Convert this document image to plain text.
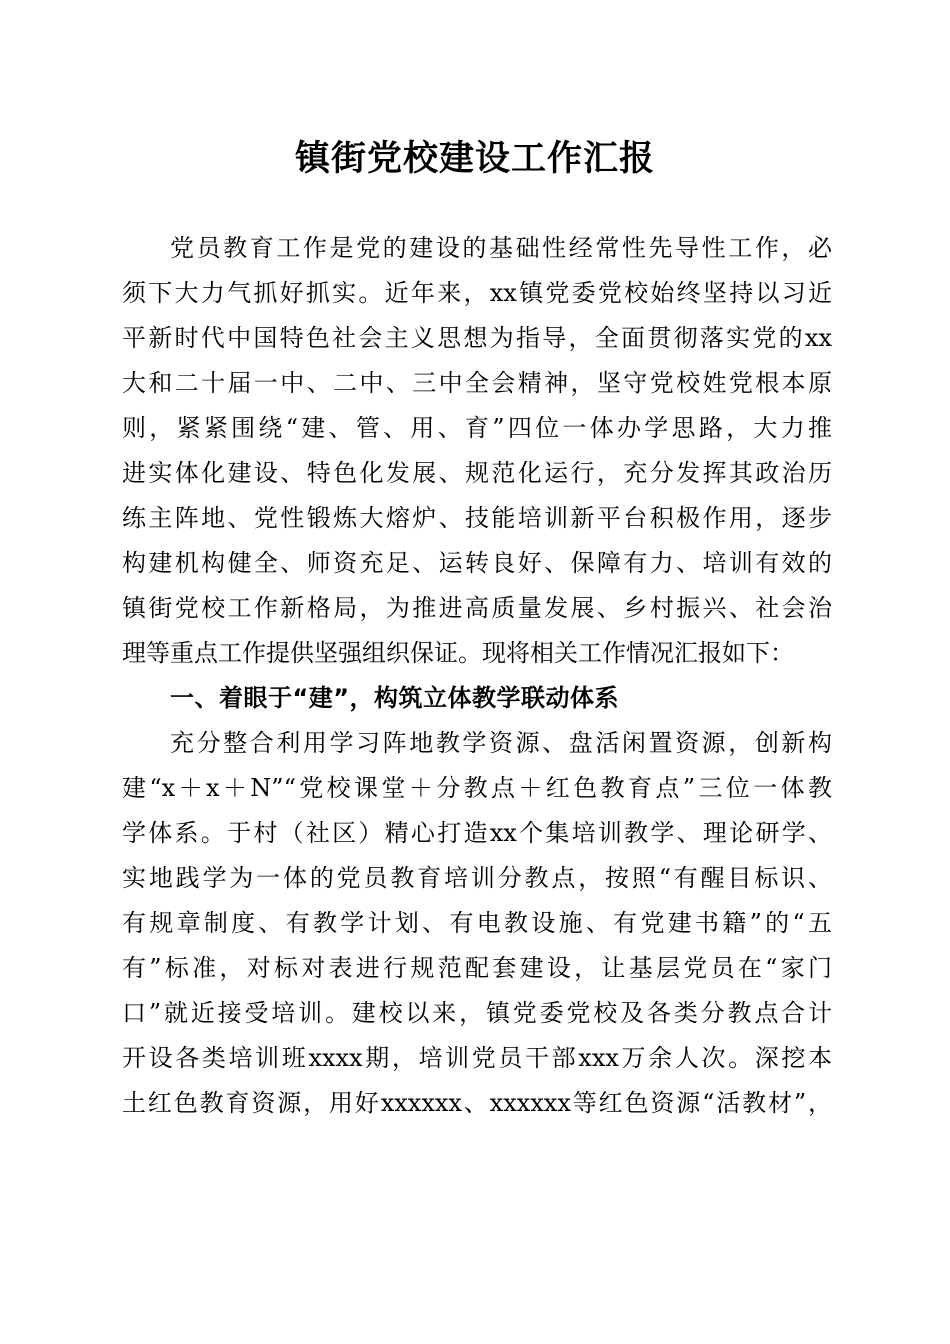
镇街党校建设工作汇报
党员教育工作是党的建设的基础性经常性先导性工作，必
须下大力气抓好抓实。近年来，xx镇党委党校始终坚持以习近
平新时代中国特色社会主义思想为指导，全面贯彻落实党的xx
大和二十届一中、二中、三中全会精神，坚守党校姓党根本原
则，紧紧围绕“建、管、用、育”四位一体办学思路，大力推
进实体化建设、特色化发展、规范化运行，充分发挥其政治历
练主阵地、党性锻炼大熔炉、技能培训新平台积极作用，逐步
构建机构健全、师资充足、运转良好、保障有力、培训有效的
镇街党校工作新格局，为推进高质量发展、乡村振兴、社会治
理等重点工作提供坚强组织保证。现将相关工作情况汇报如下：
一、着眼于“建”，构筑立体教学联动体系
充分整合利用学习阵地教学资源、盘活闲置资源，创新构
建“x＋x＋N”“党校课堂＋分教点＋红色教育点”三位一体教
学体系。于村（社区）精心打造xx个集培训教学、理论研学、
实地践学为一体的党员教育培训分教点，按照“有醒目标识、
有规章制度、有教学计划、有电教设施、有党建书籍”的“五
有”标准，对标对表进行规范配套建设，让基层党员在“家门
口”就近接受培训。建校以来，镇党委党校及各类分教点合计
开设各类培训班xxxx期，培训党员干部xxx万余人次。深挖本
土红色教育资源，用好xxxxxx、xxxxxx等红色资源“活教材”，
